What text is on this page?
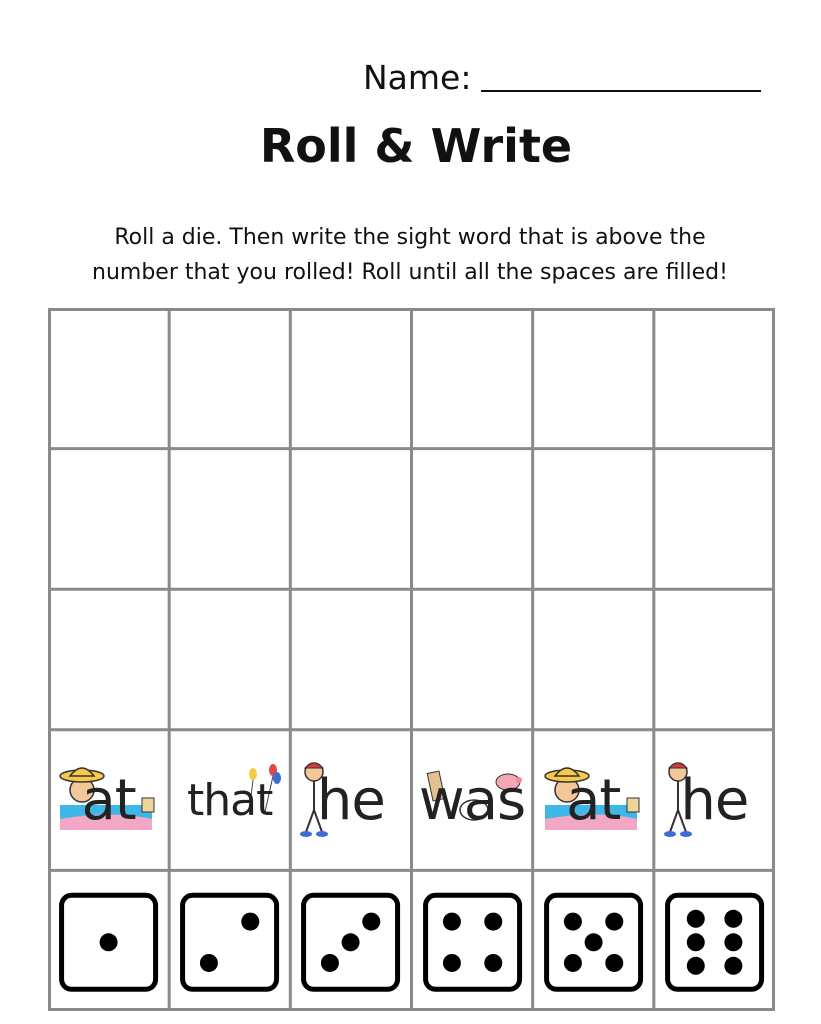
Name:
Roll & Write
Roll a die. Then write the sight word that is above the
number that you rolled! Roll until all the spaces are filled!
at that he was at he
